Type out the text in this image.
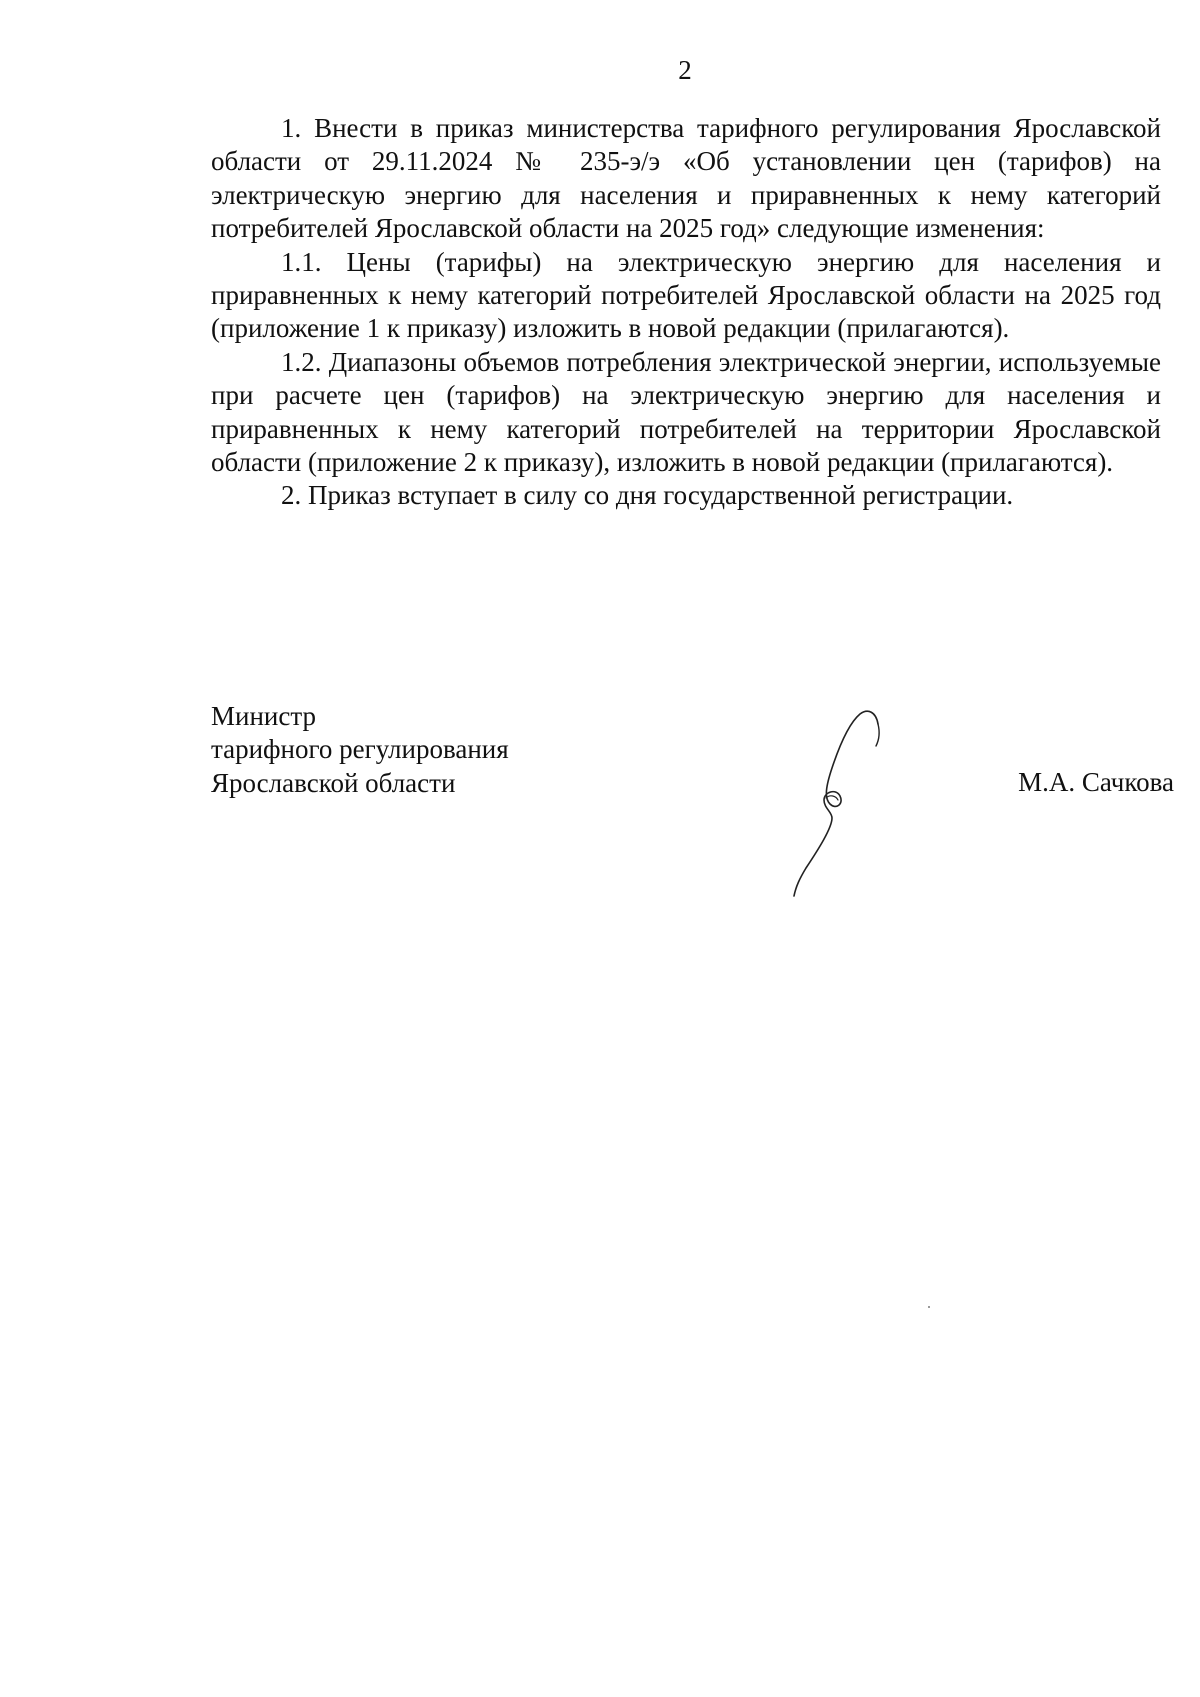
2

1. Внести в приказ министерства тарифного регулирования Ярославской области от 29.11.2024 № 235-э/э «Об установлении цен (тарифов) на электрическую энергию для населения и приравненных к нему категорий потребителей Ярославской области на 2025 год» следующие изменения:

1.1. Цены (тарифы) на электрическую энергию для населения и приравненных к нему категорий потребителей Ярославской области на 2025 год (приложение 1 к приказу) изложить в новой редакции (прилагаются).

1.2. Диапазоны объемов потребления электрической энергии, используемые при расчете цен (тарифов) на электрическую энергию для населения и приравненных к нему категорий потребителей на территории Ярославской области (приложение 2 к приказу), изложить в новой редакции (прилагаются).

2. Приказ вступает в силу со дня государственной регистрации.

Министр
тарифного регулирования
Ярославской области	М.А. Сачкова
